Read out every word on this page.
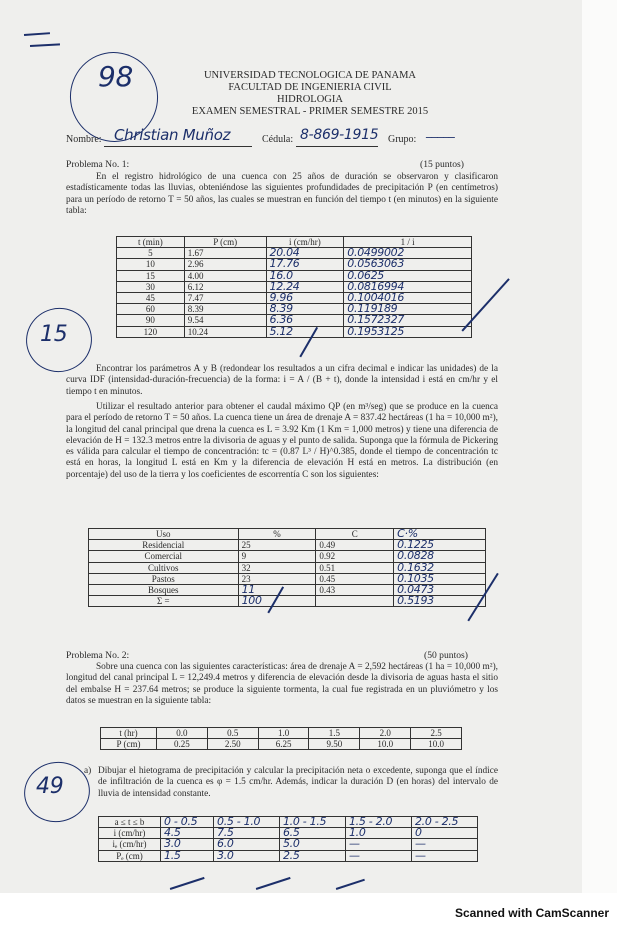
98	UNIVERSIDAD TECNOLOGICA DE PANAMA
FACULTAD DE INGENIERIA CIVIL
HIDROLOGIA
EXAMEN SEMESTRAL - PRIMER SEMESTRE 2015
Nombre: Christian Muñoz	Cédula: 8-869-1915 Grupo:
_____
Problema No. 1:	(15 puntos)
En el registro hidrológico de una cuenca con 25 años de duración se observaron y clasificaron estadísticamente todas las lluvias, obteniéndose las siguientes profundidades de precipitación P (en centímetros) para un período de retorno T = 50 años, las cuales se muestran en función del tiempo t (en minutos) en la siguiente tabla:
t (min)	P (cm)	i (cm/hr)	1 / i
5	1.67	20.04	0.0499002
10	2.96	17.76	0.0563063
15	4.00	16.0	0.0625
30	6.12	12.24	0.0816994
45	7.47	9.96	0.1004016
60	8.39	8.39	0.119189
90	9.54	6.36	0.1572327
120	10.24	5.12	0.1953125
15
Encontrar los parámetros A y B (redondear los resultados a un cifra decimal e indicar las unidades) de la curva IDF (intensidad-duración-frecuencia) de la forma: i = A / (B + t), donde la intensidad i está en cm/hr y el tiempo t en minutos.
Utilizar el resultado anterior para obtener el caudal máximo QP (en m³/seg) que se produce en la cuenca para el período de retorno T = 50 años. La cuenca tiene un área de drenaje A = 837.42 hectáreas (1 ha = 10,000 m²), la longitud del canal principal que drena la cuenca es L = 3.92 Km (1 Km = 1,000 metros) y tiene una diferencia de elevación de H = 132.3 metros entre la divisoria de aguas y el punto de salida. Suponga que la fórmula de Pickering es válida para calcular el tiempo de concentración: tc = (0.87 L³ / H)^0.385, donde el tiempo de concentración tc está en horas, la longitud L está en Km y la diferencia de elevación H está en metros. La distribución (en porcentaje) del uso de la tierra y los coeficientes de escorrentía C son los siguientes:
Uso	%	C	C·%
Residencial	25	0.49	0.1225
Comercial	9	0.92	0.0828
Cultivos	32	0.51	0.1632
Pastos	23	0.45	0.1035
Bosques	11	0.43	0.0473
Σ =	100		0.5193
Problema No. 2:	(50 puntos)
Sobre una cuenca con las siguientes características: área de drenaje A = 2,592 hectáreas (1 ha = 10,000 m²), longitud del canal principal L = 12,249.4 metros y diferencia de elevación desde la divisoria de aguas hasta el sitio del embalse H = 237.64 metros; se produce la siguiente tormenta, la cual fue registrada en un pluviómetro y los datos se muestran en la siguiente tabla:
t (hr)	0.0	0.5	1.0	1.5	2.0	2.5
P (cm)	0.25	2.50	6.25	9.50	10.0	10.0
49
a) Dibujar el hietograma de precipitación y calcular la precipitación neta o excedente, suponga que el índice de infiltración de la cuenca es φ = 1.5 cm/hr. Además, indicar la duración D (en horas) del intervalo de lluvia de intensidad constante.
a ≤ t ≤ b	0 - 0.5	0.5 - 1.0	1.0 - 1.5	1.5 - 2.0	2.0 - 2.5
i (cm/hr)	4.5	7.5	6.5	1.0	0
iₑ (cm/hr)	3.0	6.0	5.0	—	—
Pₑ (cm)	1.5	3.0	2.5	—	—
Scanned with CamScanner
